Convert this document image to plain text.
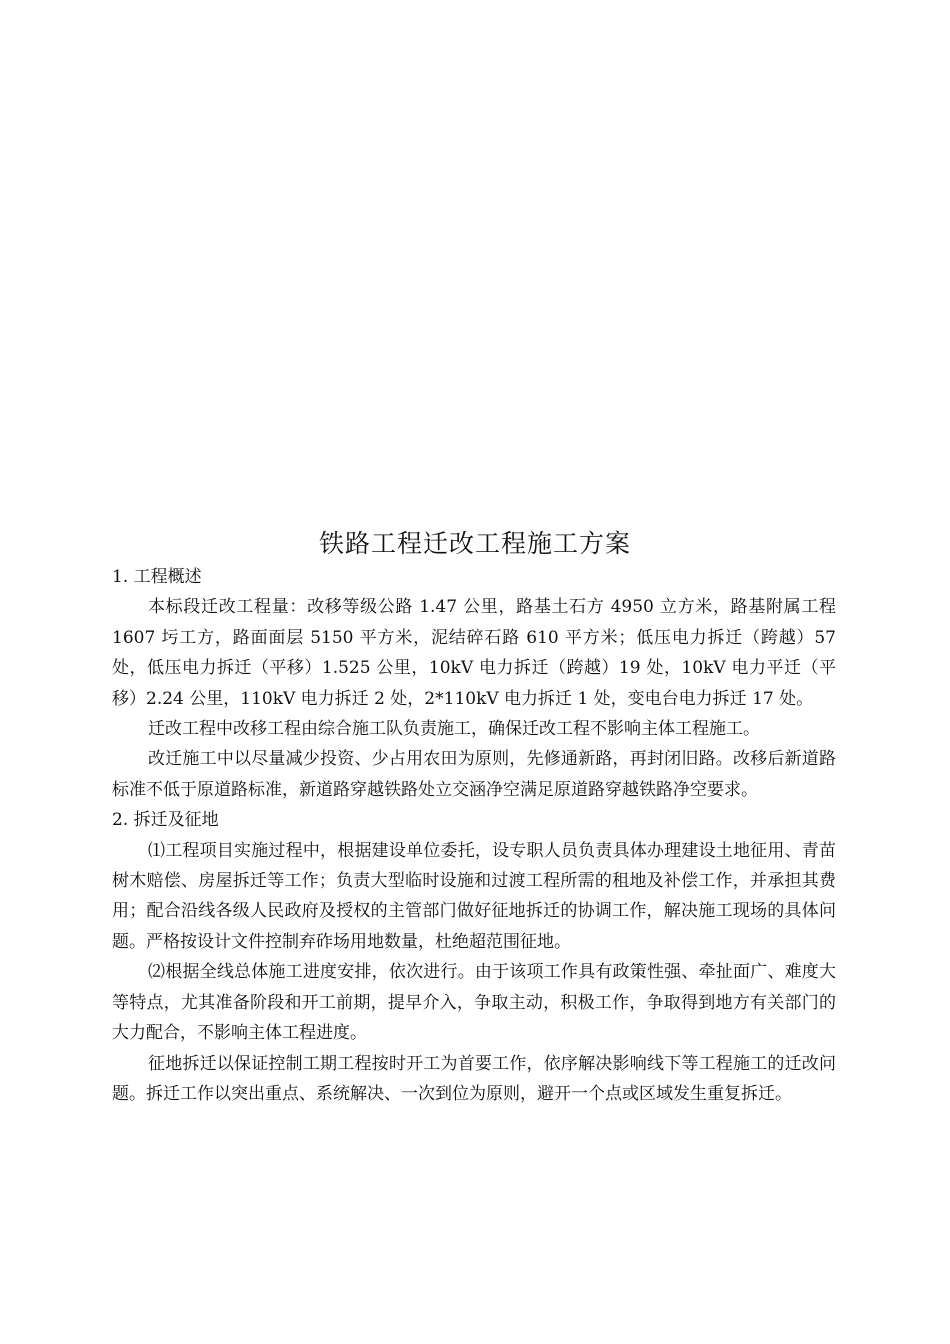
铁路工程迁改工程施工方案

1. 工程概述

本标段迁改工程量：改移等级公路 1.47 公里，路基土石方 4950 立方米，路基附属工程 1607 圬工方，路面面层 5150 平方米，泥结碎石路 610 平方米；低压电力拆迁（跨越）57 处，低压电力拆迁（平移）1.525 公里，10kV 电力拆迁（跨越）19 处，10kV 电力平迁（平移）2.24 公里，110kV 电力拆迁 2 处，2*110kV 电力拆迁 1 处，变电台电力拆迁 17 处。

迁改工程中改移工程由综合施工队负责施工，确保迁改工程不影响主体工程施工。

改迁施工中以尽量减少投资、少占用农田为原则，先修通新路，再封闭旧路。改移后新道路标准不低于原道路标准，新道路穿越铁路处立交涵净空满足原道路穿越铁路净空要求。

2. 拆迁及征地

⑴工程项目实施过程中，根据建设单位委托，设专职人员负责具体办理建设土地征用、青苗树木赔偿、房屋拆迁等工作；负责大型临时设施和过渡工程所需的租地及补偿工作，并承担其费用；配合沿线各级人民政府及授权的主管部门做好征地拆迁的协调工作，解决施工现场的具体问题。严格按设计文件控制弃砟场用地数量，杜绝超范围征地。

⑵根据全线总体施工进度安排，依次进行。由于该项工作具有政策性强、牵扯面广、难度大等特点，尤其准备阶段和开工前期，提早介入，争取主动，积极工作，争取得到地方有关部门的大力配合，不影响主体工程进度。

征地拆迁以保证控制工期工程按时开工为首要工作，依序解决影响线下等工程施工的迁改问题。拆迁工作以突出重点、系统解决、一次到位为原则，避开一个点或区域发生重复拆迁。
